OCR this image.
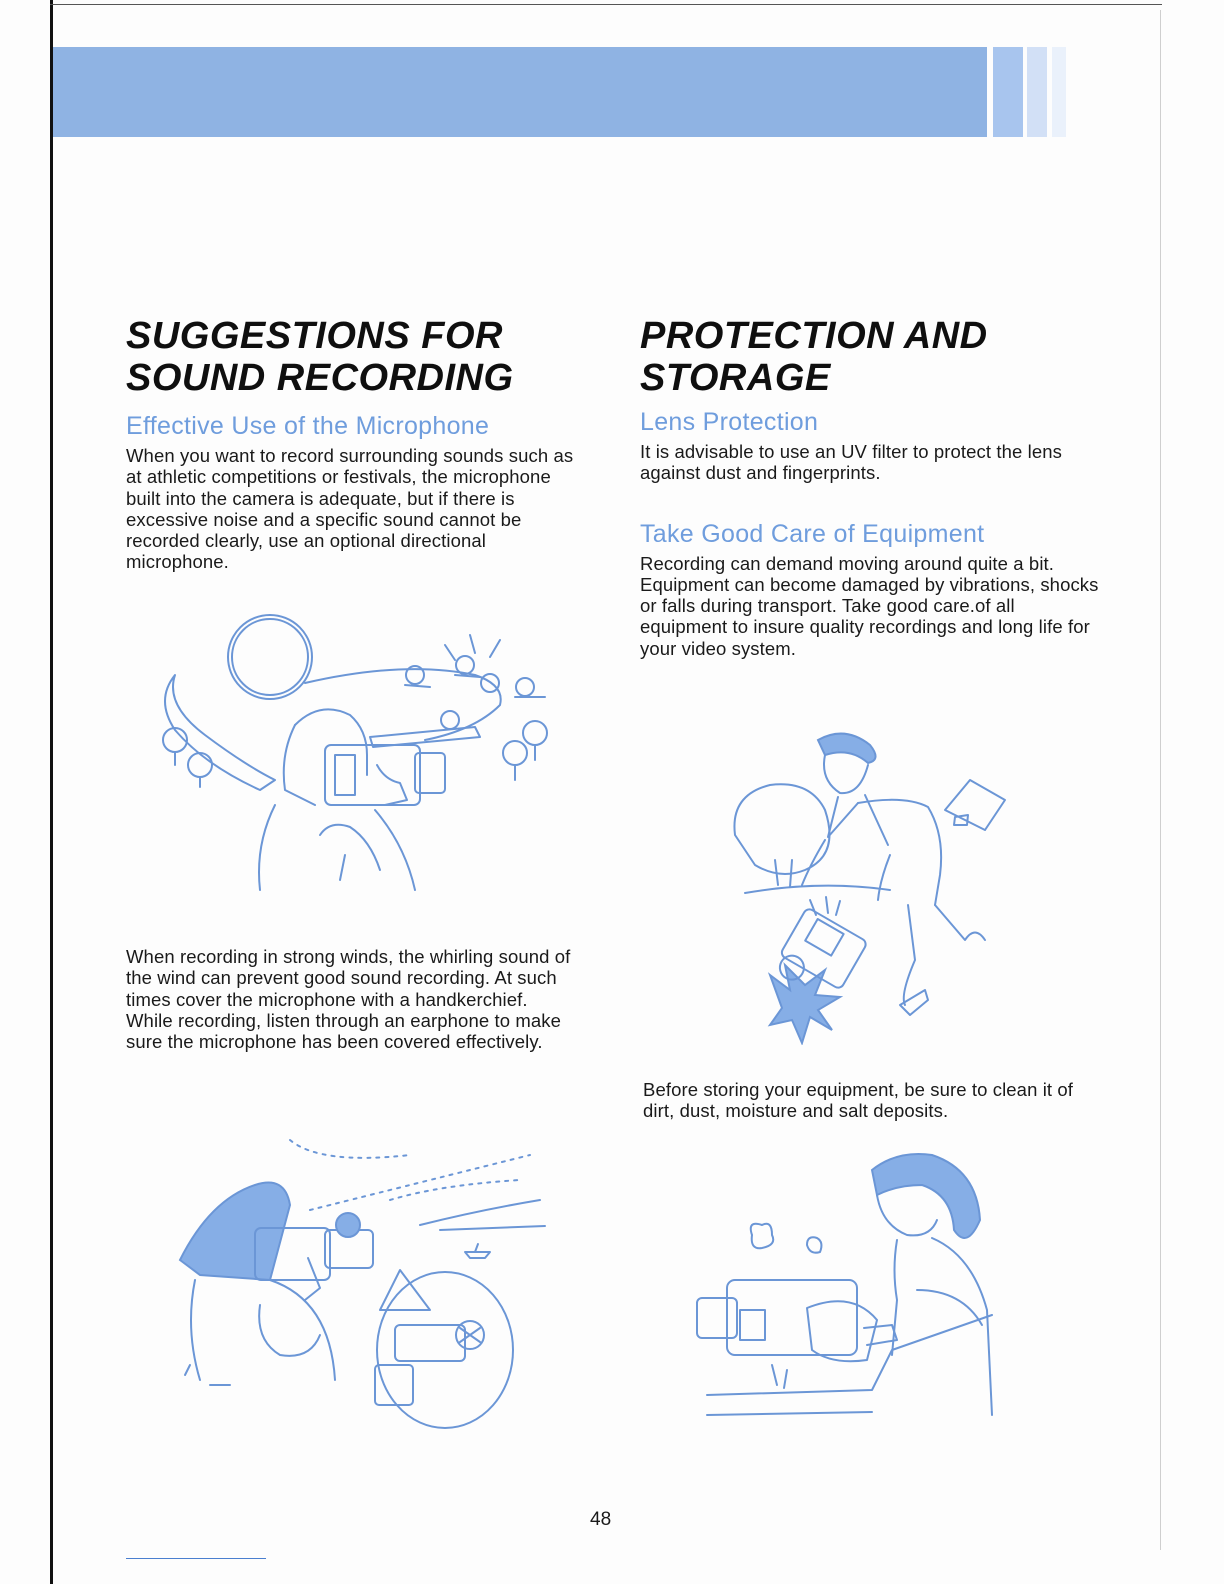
SUGGESTIONS FOR
SOUND RECORDING
Effective Use of the Microphone

When you want to record surrounding sounds such as at athletic competitions or festivals, the microphone built into the camera is adequate, but if there is excessive noise and a specific sound cannot be recorded clearly, use an optional directional microphone.

When recording in strong winds, the whirling sound of the wind can prevent good sound recording. At such times cover the microphone with a handkerchief. While recording, listen through an earphone to make sure the microphone has been covered effectively.

PROTECTION AND
STORAGE
Lens Protection

It is advisable to use an UV filter to protect the lens against dust and fingerprints.

Take Good Care of Equipment

Recording can demand moving around quite a bit. Equipment can become damaged by vibrations, shocks or falls during transport. Take good care.of all equipment to insure quality recordings and long life for your video system.

Before storing your equipment, be sure to clean it of dirt, dust, moisture and salt deposits.

48
